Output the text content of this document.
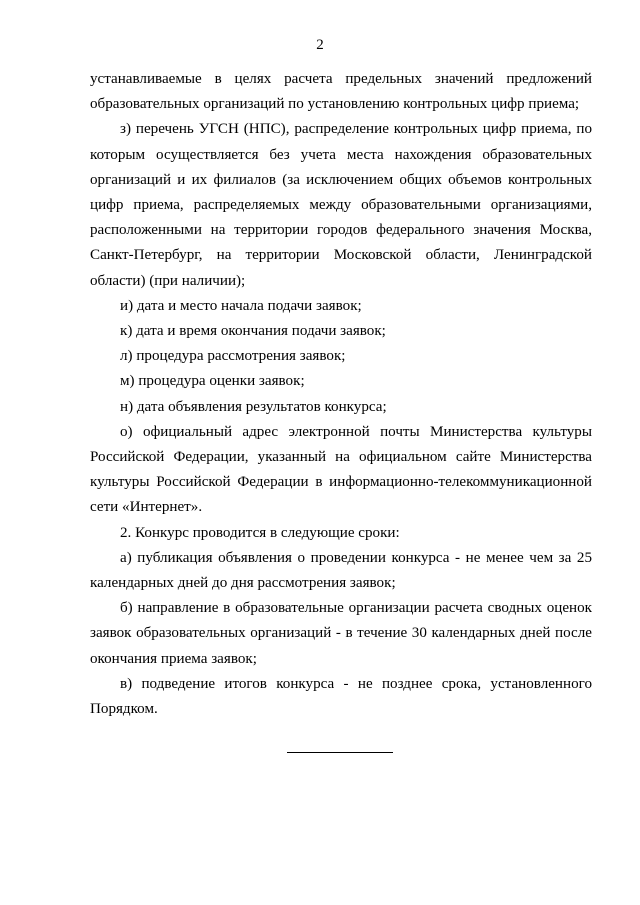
2

устанавливаемые в целях расчета предельных значений предложений образовательных организаций по установлению контрольных цифр приема;

з) перечень УГСН (НПС), распределение контрольных цифр приема, по которым осуществляется без учета места нахождения образовательных организаций и их филиалов (за исключением общих объемов контрольных цифр приема, распределяемых между образовательными организациями, расположенными на территории городов федерального значения Москва, Санкт-Петербург, на территории Московской области, Ленинградской области) (при наличии);

и) дата и место начала подачи заявок;

к) дата и время окончания подачи заявок;

л) процедура рассмотрения заявок;

м) процедура оценки заявок;

н) дата объявления результатов конкурса;

о) официальный адрес электронной почты Министерства культуры Российской Федерации, указанный на официальном сайте Министерства культуры Российской Федерации в информационно-телекоммуникационной сети «Интернет».

2. Конкурс проводится в следующие сроки:

а) публикация объявления о проведении конкурса - не менее чем за 25 календарных дней до дня рассмотрения заявок;

б) направление в образовательные организации расчета сводных оценок заявок образовательных организаций - в течение 30 календарных дней после окончания приема заявок;

в) подведение итогов конкурса - не позднее срока, установленного Порядком.
